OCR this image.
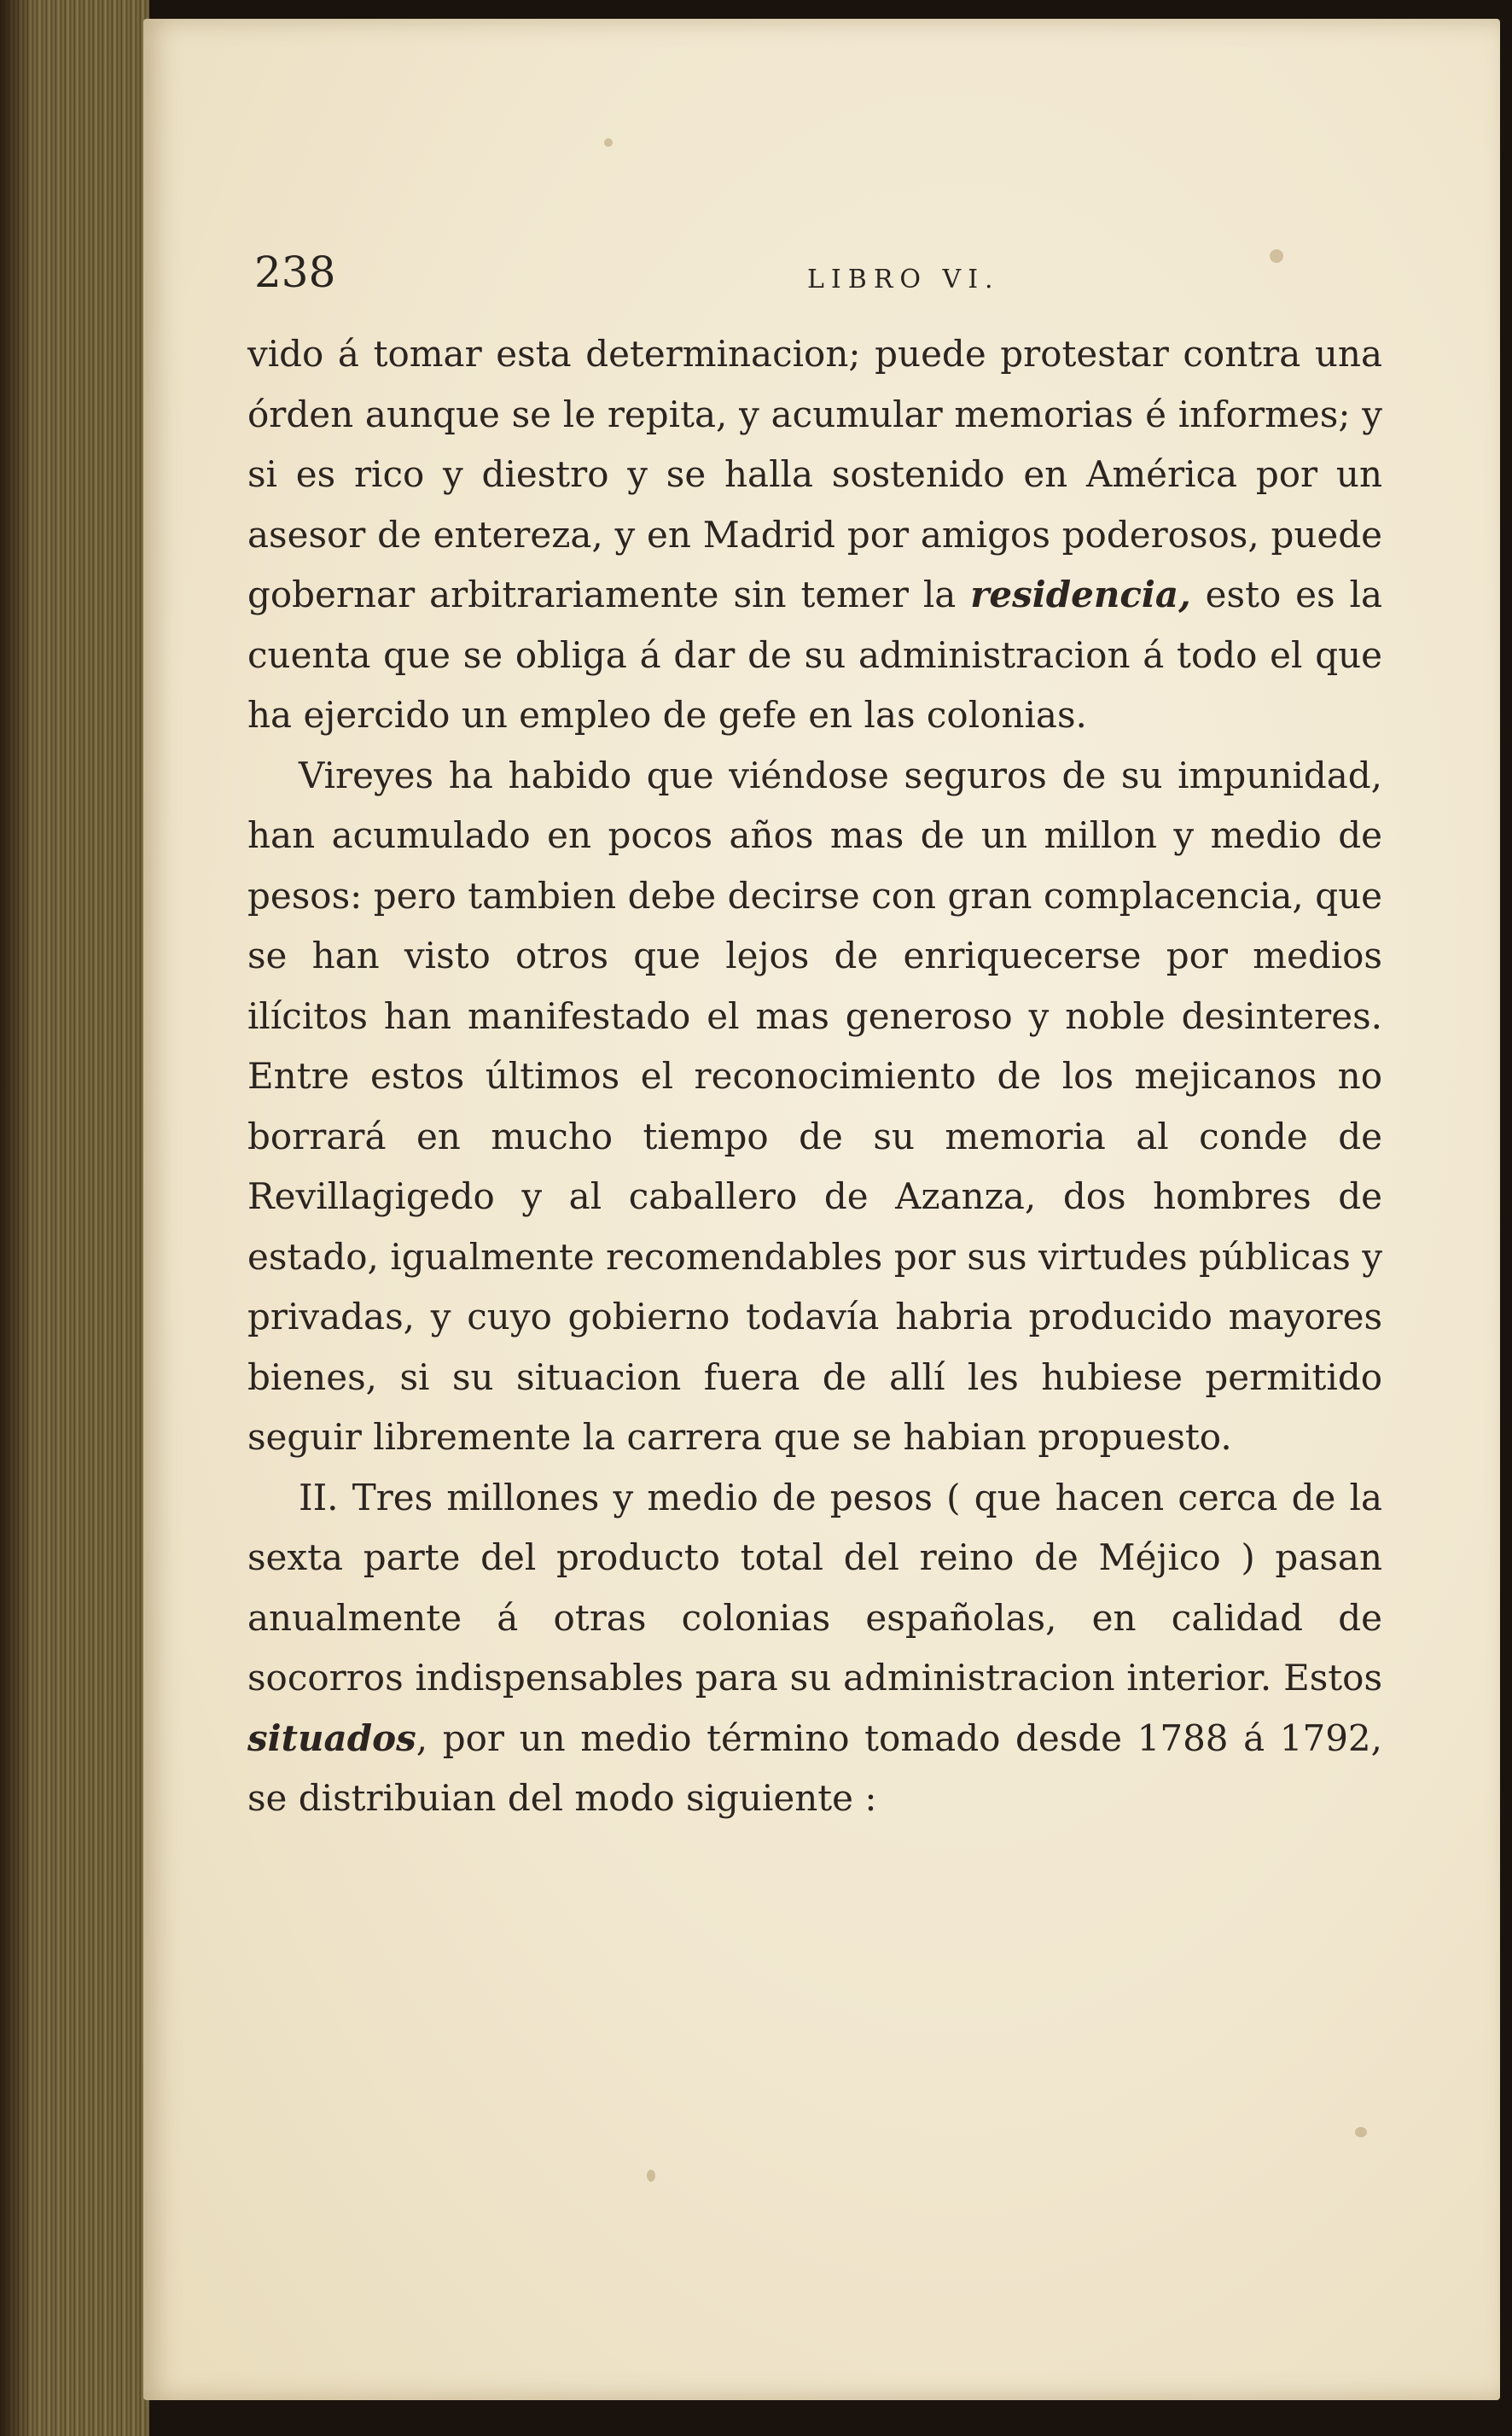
238	LIBRO VI.

vido á tomar esta determinacion; puede protestar contra una órden aunque se le repita, y acumular memorias é informes; y si es rico y diestro y se halla sostenido en América por un asesor de entereza, y en Madrid por amigos poderosos, puede gobernar arbitrariamente sin temer la residencia, esto es la cuenta que se obliga á dar de su administracion á todo el que ha ejercido un empleo de gefe en las colonias.

Vireyes ha habido que viéndose seguros de su impunidad, han acumulado en pocos años mas de un millon y medio de pesos: pero tambien debe decirse con gran complacencia, que se han visto otros que lejos de enriquecerse por medios ilícitos han manifestado el mas generoso y noble desinteres. Entre estos últimos el reconocimiento de los mejicanos no borrará en mucho tiempo de su memoria al conde de Revillagigedo y al caballero de Azanza, dos hombres de estado, igualmente recomendables por sus virtudes públicas y privadas, y cuyo gobierno todavía habria producido mayores bienes, si su situacion fuera de allí les hubiese permitido seguir libremente la carrera que se habian propuesto.

II. Tres millones y medio de pesos ( que hacen cerca de la sexta parte del producto total del reino de Méjico ) pasan anualmente á otras colonias españolas, en calidad de socorros indispensables para su administracion interior. Estos situados, por un medio término tomado desde 1788 á 1792, se distribuian del modo siguiente :
